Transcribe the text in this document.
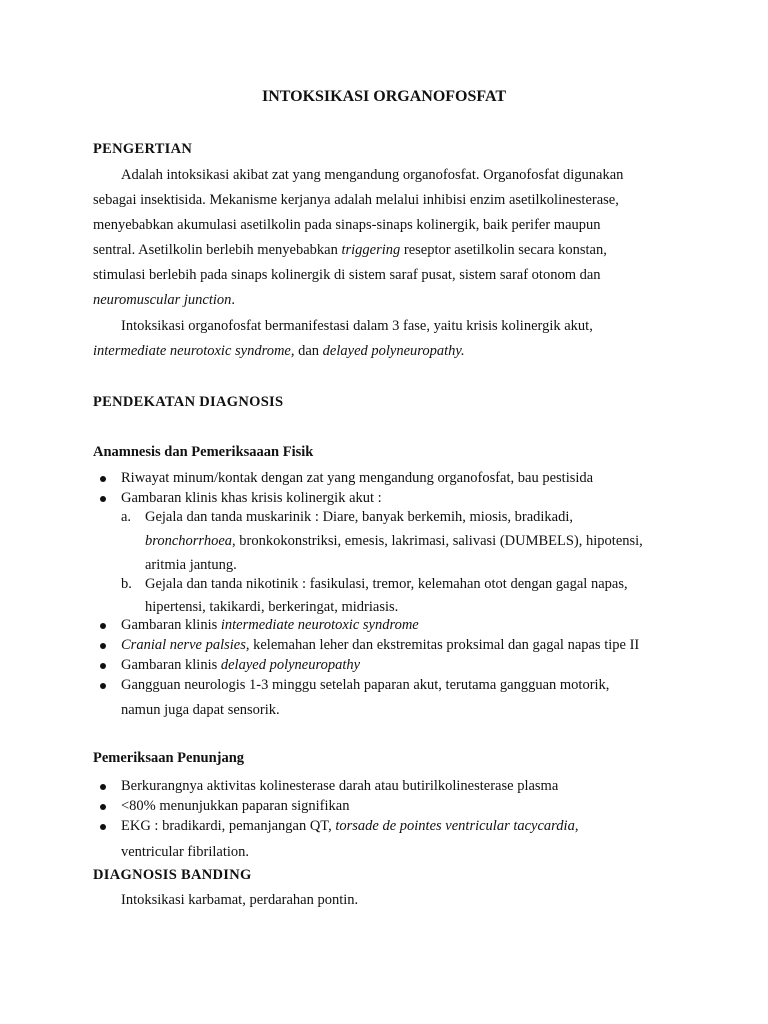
INTOKSIKASI ORGANOFOSFAT
PENGERTIAN
Adalah intoksikasi akibat zat yang mengandung organofosfat. Organofosfat digunakan
sebagai insektisida. Mekanisme kerjanya adalah melalui inhibisi enzim asetilkolinesterase,
menyebabkan akumulasi asetilkolin pada sinaps-sinaps kolinergik, baik perifer maupun
sentral. Asetilkolin berlebih menyebabkan triggering reseptor asetilkolin secara konstan,
stimulasi berlebih pada sinaps kolinergik di sistem saraf pusat, sistem saraf otonom dan
neuromuscular junction.
Intoksikasi organofosfat bermanifestasi dalam 3 fase, yaitu krisis kolinergik akut,
intermediate neurotoxic syndrome, dan delayed polyneuropathy.
PENDEKATAN DIAGNOSIS
Anamnesis dan Pemeriksaaan Fisik
Riwayat minum/kontak dengan zat yang mengandung organofosfat, bau pestisida
Gambaran klinis khas krisis kolinergik akut :
a. Gejala dan tanda muskarinik : Diare, banyak berkemih, miosis, bradikadi,
bronchorrhoea, bronkokonstriksi, emesis, lakrimasi, salivasi (DUMBELS), hipotensi,
aritmia jantung.
b. Gejala dan tanda nikotinik : fasikulasi, tremor, kelemahan otot dengan gagal napas,
hipertensi, takikardi, berkeringat, midriasis.
Gambaran klinis intermediate neurotoxic syndrome
Cranial nerve palsies, kelemahan leher dan ekstremitas proksimal dan gagal napas tipe II
Gambaran klinis delayed polyneuropathy
Gangguan neurologis 1-3 minggu setelah paparan akut, terutama gangguan motorik,
namun juga dapat sensorik.
Pemeriksaan Penunjang
Berkurangnya aktivitas kolinesterase darah atau butirilkolinesterase plasma
<80% menunjukkan paparan signifikan
EKG : bradikardi, pemanjangan QT, torsade de pointes ventricular tacycardia,
ventricular fibrilation.
DIAGNOSIS BANDING
Intoksikasi karbamat, perdarahan pontin.
